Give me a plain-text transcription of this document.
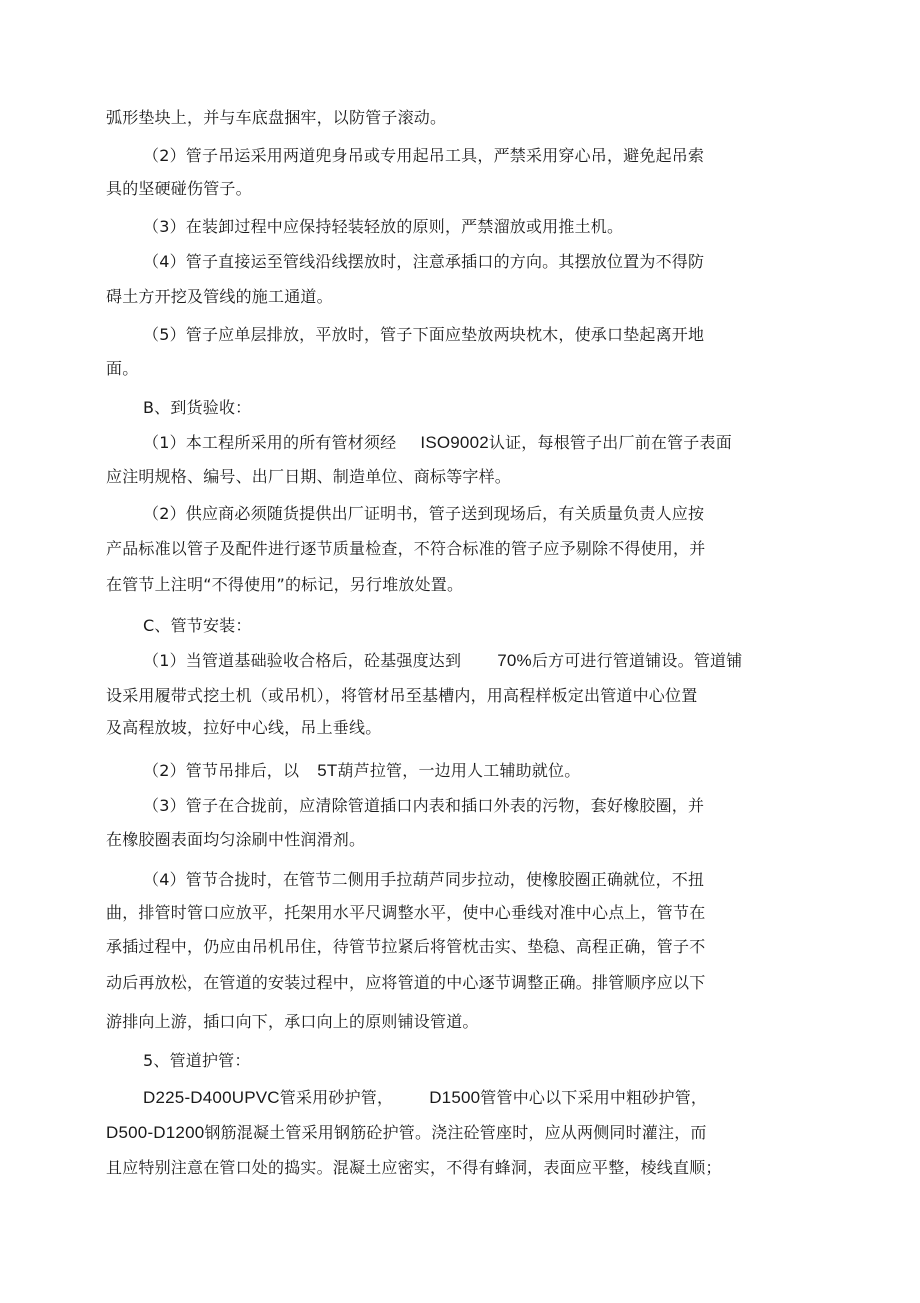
弧形垫块上，并与车底盘捆牢，以防管子滚动。
（2）管子吊运采用两道兜身吊或专用起吊工具，严禁采用穿心吊，避免起吊索
具的坚硬碰伤管子。
（3）在装卸过程中应保持轻装轻放的原则，严禁溜放或用推土机。
（4）管子直接运至管线沿线摆放时，注意承插口的方向。其摆放位置为不得防
碍土方开挖及管线的施工通道。
（5）管子应单层排放，平放时，管子下面应垫放两块枕木，使承口垫起离开地
面。
B、到货验收：
（1）本工程所采用的所有管材须经 ISO9002认证，每根管子出厂前在管子表面
应注明规格、编号、出厂日期、制造单位、商标等字样。
（2）供应商必须随货提供出厂证明书，管子送到现场后，有关质量负责人应按
产品标准以管子及配件进行逐节质量检查，不符合标准的管子应予剔除不得使用，并
在管节上注明“不得使用”的标记，另行堆放处置。
C、管节安装：
（1）当管道基础验收合格后，砼基强度达到 70%后方可进行管道铺设。管道铺
设采用履带式挖土机（或吊机），将管材吊至基槽内，用高程样板定出管道中心位置
及高程放坡，拉好中心线，吊上垂线。
（2）管节吊排后，以 5T葫芦拉管，一边用人工辅助就位。
（3）管子在合拢前，应清除管道插口内表和插口外表的污物，套好橡胶圈，并
在橡胶圈表面均匀涂刷中性润滑剂。
（4）管节合拢时，在管节二侧用手拉葫芦同步拉动，使橡胶圈正确就位，不扭
曲，排管时管口应放平，托架用水平尺调整水平，使中心垂线对准中心点上，管节在
承插过程中，仍应由吊机吊住，待管节拉紧后将管枕击实、垫稳、高程正确，管子不
动后再放松，在管道的安装过程中，应将管道的中心逐节调整正确。排管顺序应以下
游排向上游，插口向下，承口向上的原则铺设管道。
5、管道护管：
D225-D400UPVC管采用砂护管， D1500管管中心以下采用中粗砂护管，
D500-D1200钢筋混凝土管采用钢筋砼护管。浇注砼管座时，应从两侧同时灌注，而
且应特别注意在管口处的捣实。混凝土应密实，不得有蜂洞，表面应平整，棱线直顺；
